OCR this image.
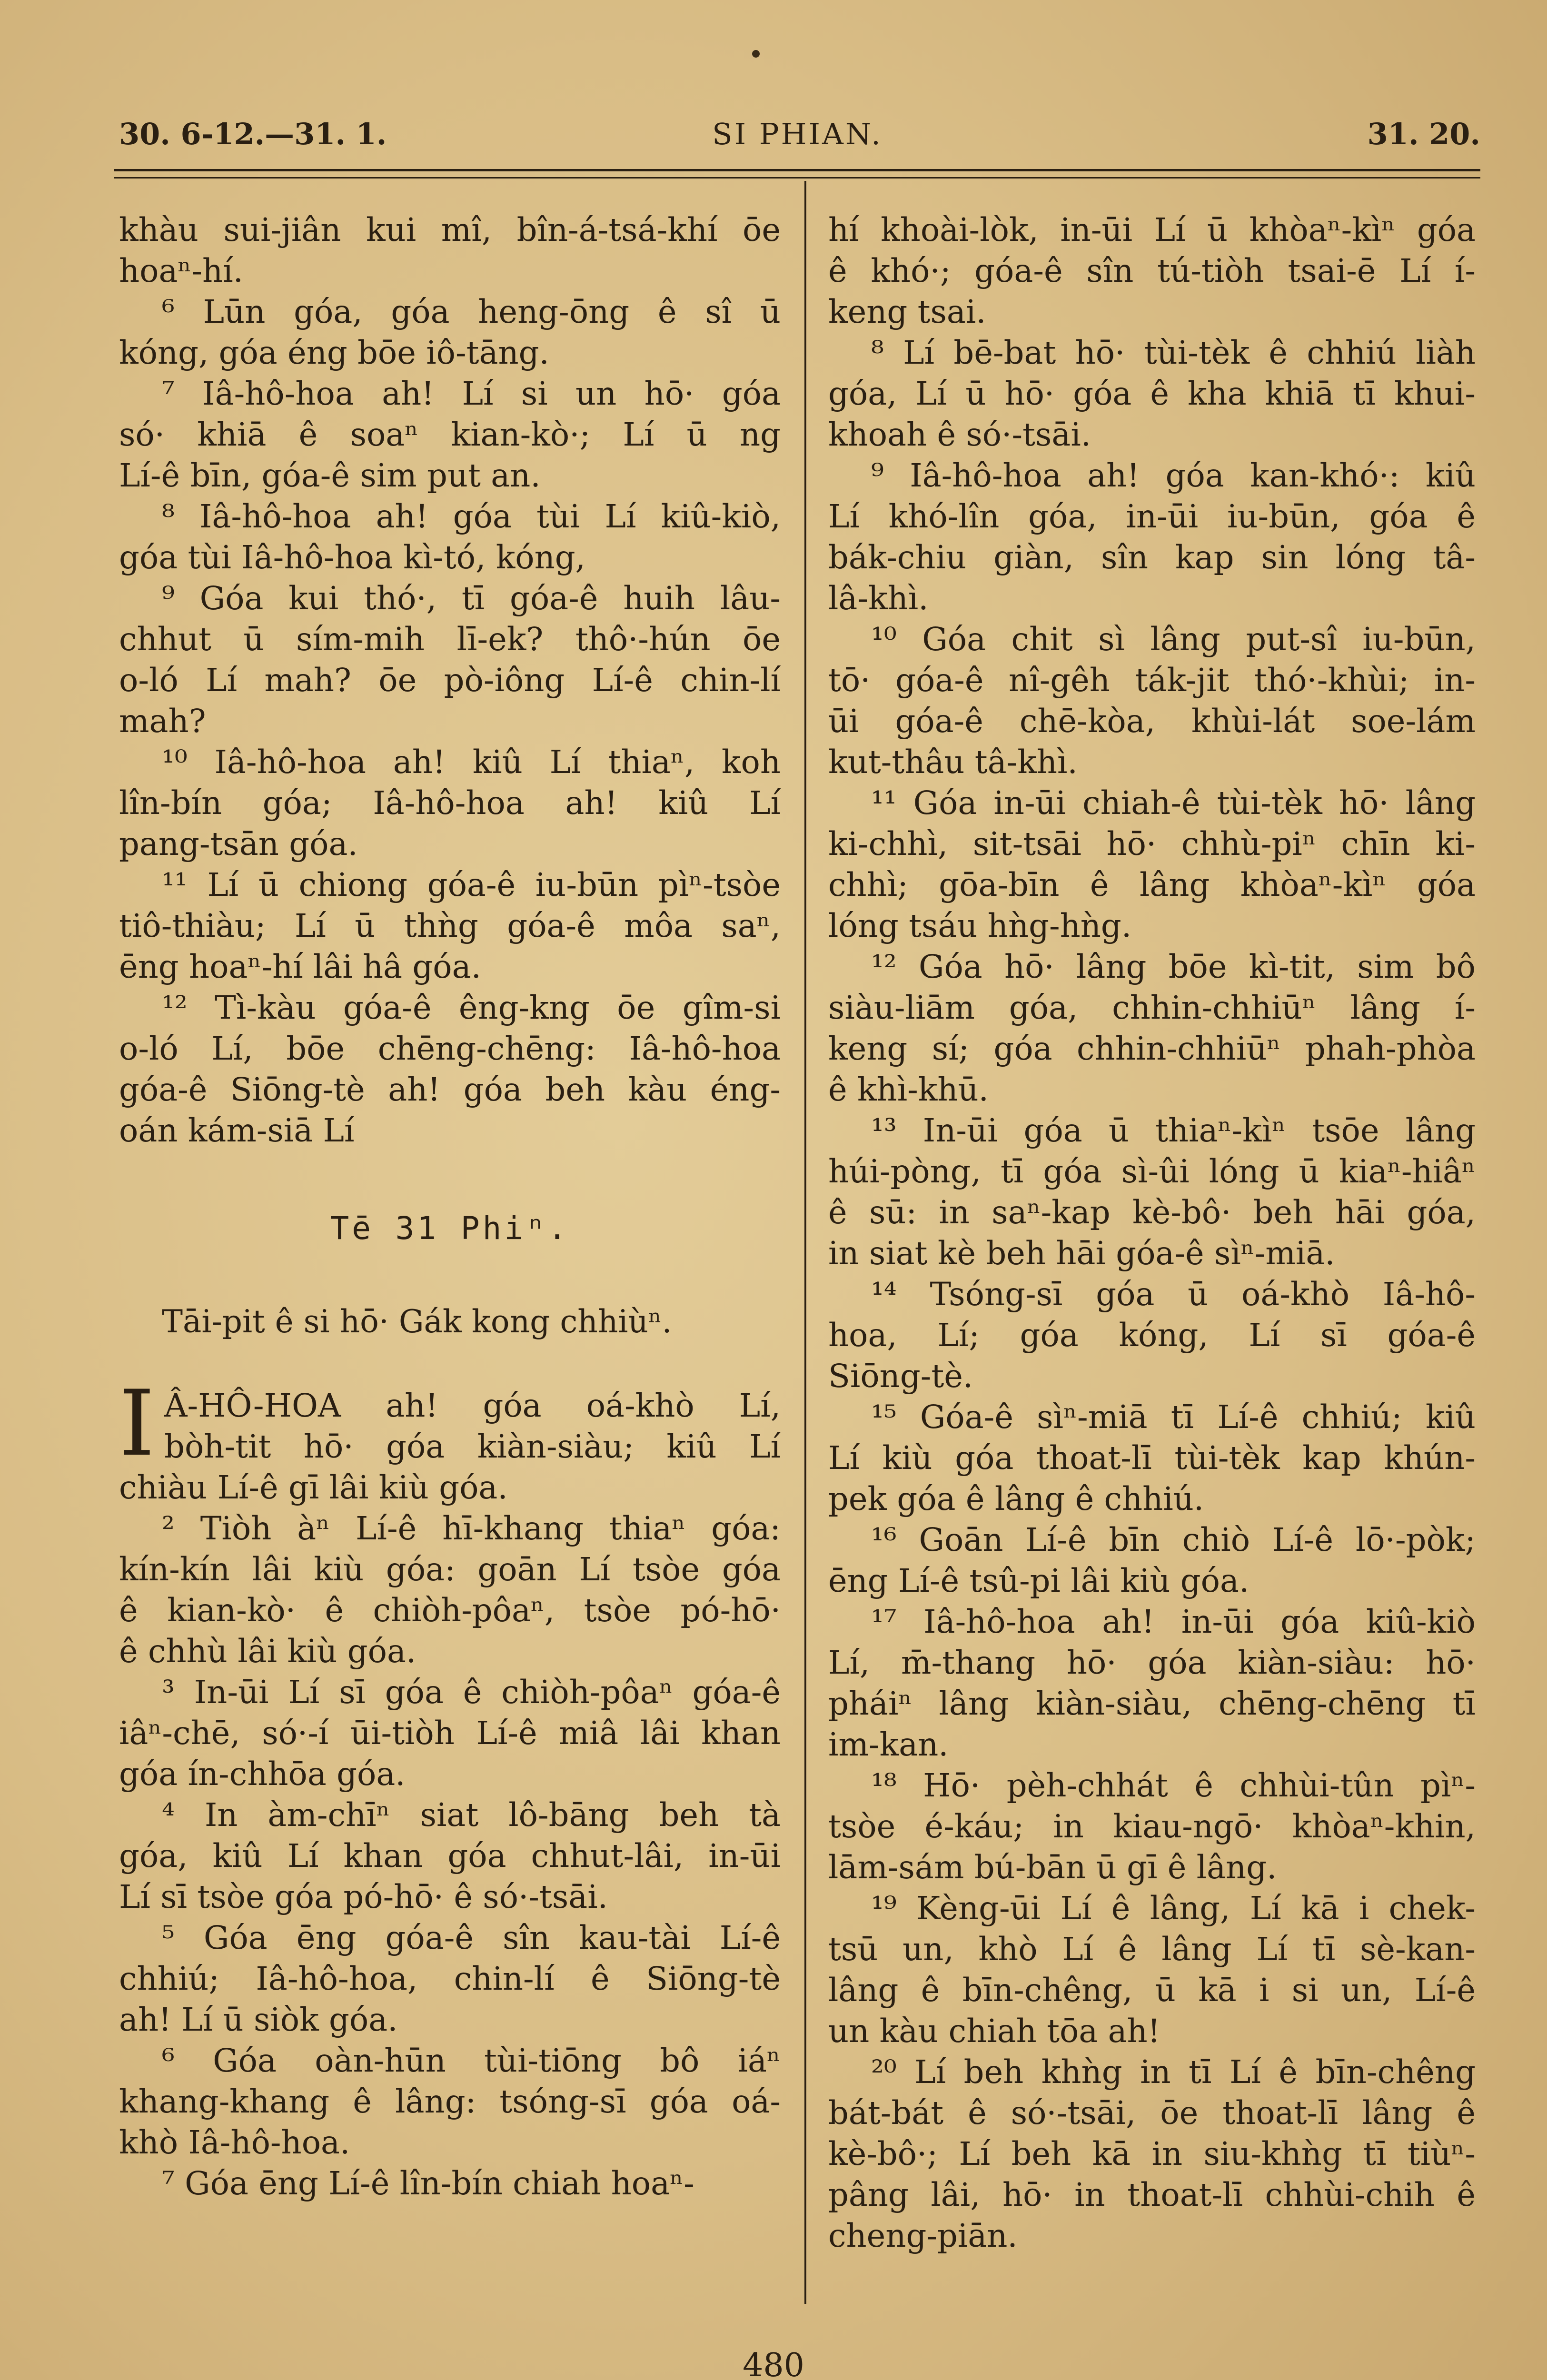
30. 6-12.—31. 1.	SI PHIAN.	31. 20.
khàu sui-jiân kui mî, bîn-á-tsá-khí ōe
hoaⁿ-hí.
⁶ Lūn góa, góa heng-ōng ê sî ū
kóng, góa éng bōe iô-tāng.
⁷ Iâ-hô-hoa ah! Lí si un hō· góa
só· khiā ê soaⁿ kian-kò·; Lí ū ng
Lí-ê bīn, góa-ê sim put an.
⁸ Iâ-hô-hoa ah! góa tùi Lí kiû-kiò,
góa tùi Iâ-hô-hoa kì-tó, kóng,
⁹ Góa kui thó·, tī góa-ê huih lâu-
chhut ū sím-mih lī-ek? thô·-hún ōe
o-ló Lí mah? ōe pò-iông Lí-ê chin-lí
mah?
¹⁰ Iâ-hô-hoa ah! kiû Lí thiaⁿ, koh
lîn-bín góa; Iâ-hô-hoa ah! kiû Lí
pang-tsān góa.
¹¹ Lí ū chiong góa-ê iu-būn pìⁿ-tsòe
tiô-thiàu; Lí ū thǹg góa-ê môa saⁿ,
ēng hoaⁿ-hí lâi hâ góa.
¹² Tì-kàu góa-ê êng-kng ōe gîm-si
o-ló Lí, bōe chēng-chēng: Iâ-hô-hoa
góa-ê Siōng-tè ah! góa beh kàu éng-
oán kám-siā Lí
Tē 31 Phiⁿ.
Tāi-pit ê si hō· Gák kong chhiùⁿ.
I Â-HÔ-HOA ah! góa oá-khò Lí,
bòh-tit hō· góa kiàn-siàu; kiû Lí
chiàu Lí-ê gī lâi kiù góa.
² Tiòh àⁿ Lí-ê hī-khang thiaⁿ góa:
kín-kín lâi kiù góa: goān Lí tsòe góa
ê kian-kò· ê chiòh-pôaⁿ, tsòe pó-hō·
ê chhù lâi kiù góa.
³ In-ūi Lí sī góa ê chiòh-pôaⁿ góa-ê
iâⁿ-chē, só·-í ūi-tiòh Lí-ê miâ lâi khan
góa ín-chhōa góa.
⁴ In àm-chīⁿ siat lô-bāng beh tà
góa, kiû Lí khan góa chhut-lâi, in-ūi
Lí sī tsòe góa pó-hō· ê só·-tsāi.
⁵ Góa ēng góa-ê sîn kau-tài Lí-ê
chhiú; Iâ-hô-hoa, chin-lí ê Siōng-tè
ah! Lí ū siòk góa.
⁶ Góa oàn-hūn tùi-tiōng bô iáⁿ
khang-khang ê lâng: tsóng-sī góa oá-
khò Iâ-hô-hoa.
⁷ Góa ēng Lí-ê lîn-bín chiah hoaⁿ-
hí khoài-lòk, in-ūi Lí ū khòaⁿ-kìⁿ góa
ê khó·; góa-ê sîn tú-tiòh tsai-ē Lí í-
keng tsai.
⁸ Lí bē-bat hō· tùi-tèk ê chhiú liàh
góa, Lí ū hō· góa ê kha khiā tī khui-
khoah ê só·-tsāi.
⁹ Iâ-hô-hoa ah! góa kan-khó·: kiû
Lí khó-lîn góa, in-ūi iu-būn, góa ê
bák-chiu giàn, sîn kap sin lóng tâ-
lâ-khì.
¹⁰ Góa chit sì lâng put-sî iu-būn,
tō· góa-ê nî-gêh ták-jit thó·-khùi; in-
ūi góa-ê chē-kòa, khùi-lát soe-lám
kut-thâu tâ-khì.
¹¹ Góa in-ūi chiah-ê tùi-tèk hō· lâng
ki-chhì, sit-tsāi hō· chhù-piⁿ chīn ki-
chhì; gōa-bīn ê lâng khòaⁿ-kìⁿ góa
lóng tsáu hǹg-hǹg.
¹² Góa hō· lâng bōe kì-tit, sim bô
siàu-liām góa, chhin-chhiūⁿ lâng í-
keng sí; góa chhin-chhiūⁿ phah-phòa
ê khì-khū.
¹³ In-ūi góa ū thiaⁿ-kìⁿ tsōe lâng
húi-pòng, tī góa sì-ûi lóng ū kiaⁿ-hiâⁿ
ê sū: in saⁿ-kap kè-bô· beh hāi góa,
in siat kè beh hāi góa-ê sìⁿ-miā.
¹⁴ Tsóng-sī góa ū oá-khò Iâ-hô-
hoa, Lí; góa kóng, Lí sī góa-ê
Siōng-tè.
¹⁵ Góa-ê sìⁿ-miā tī Lí-ê chhiú; kiû
Lí kiù góa thoat-lī tùi-tèk kap khún-
pek góa ê lâng ê chhiú.
¹⁶ Goān Lí-ê bīn chiò Lí-ê lō·-pòk;
ēng Lí-ê tsû-pi lâi kiù góa.
¹⁷ Iâ-hô-hoa ah! in-ūi góa kiû-kiò
Lí, m̄-thang hō· góa kiàn-siàu: hō·
pháiⁿ lâng kiàn-siàu, chēng-chēng tī
im-kan.
¹⁸ Hō· pèh-chhát ê chhùi-tûn pìⁿ-
tsòe é-káu; in kiau-ngō· khòaⁿ-khin,
lām-sám bú-bān ū gī ê lâng.
¹⁹ Kèng-ūi Lí ê lâng, Lí kā i chek-
tsū un, khò Lí ê lâng Lí tī sè-kan-
lâng ê bīn-chêng, ū kā i si un, Lí-ê
un kàu chiah tōa ah!
²⁰ Lí beh khǹg in tī Lí ê bīn-chêng
bát-bát ê só·-tsāi, ōe thoat-lī lâng ê
kè-bô·; Lí beh kā in siu-khǹg tī tiùⁿ-
pâng lâi, hō· in thoat-lī chhùi-chih ê
cheng-piān.
480
